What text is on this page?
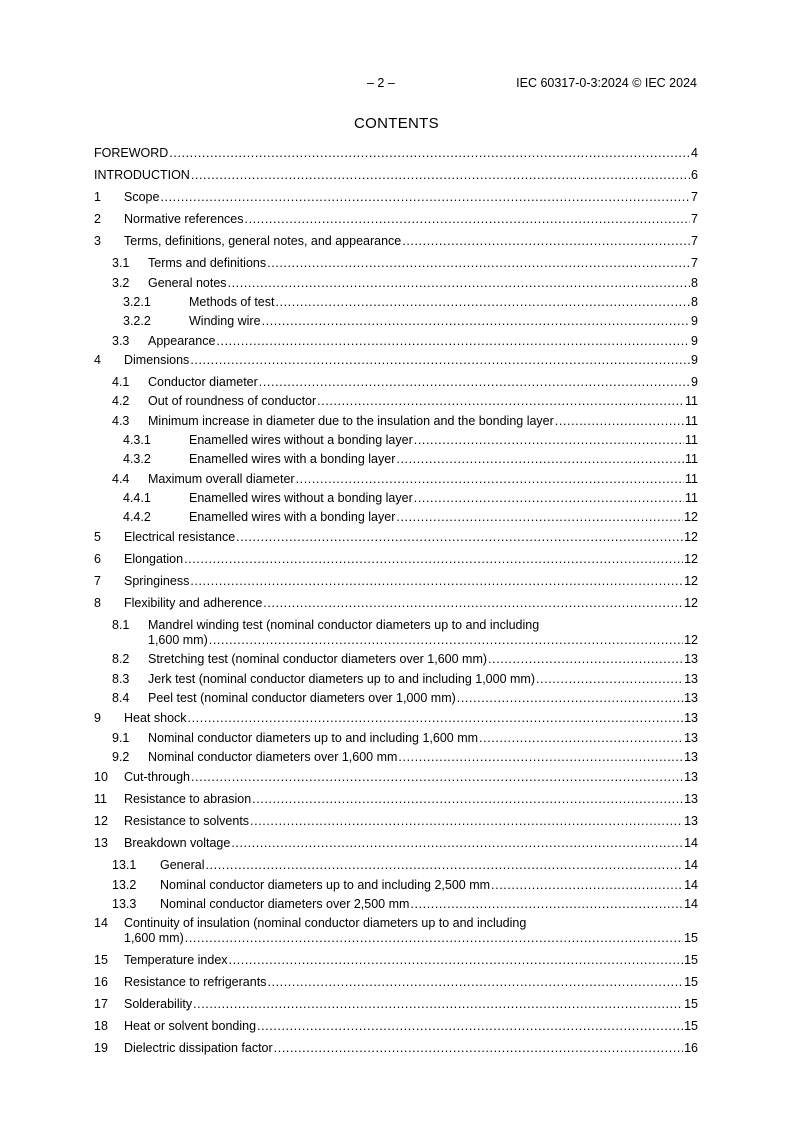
– 2 –	IEC 60317-0-3:2024 © IEC 2024
CONTENTS
FOREWORD .....	4
INTRODUCTION .....	6
1	Scope .....	7
2	Normative references .....	7
3	Terms, definitions, general notes, and appearance .....	7
3.1	Terms and definitions .....	7
3.2	General notes .....	8
3.2.1	Methods of test .....	8
3.2.2	Winding wire .....	9
3.3	Appearance .....	9
4	Dimensions .....	9
4.1	Conductor diameter .....	9
4.2	Out of roundness of conductor .....	11
4.3	Minimum increase in diameter due to the insulation and the bonding layer .....	11
4.3.1	Enamelled wires without a bonding layer .....	11
4.3.2	Enamelled wires with a bonding layer .....	11
4.4	Maximum overall diameter .....	11
4.4.1	Enamelled wires without a bonding layer .....	11
4.4.2	Enamelled wires with a bonding layer .....	12
5	Electrical resistance .....	12
6	Elongation .....	12
7	Springiness .....	12
8	Flexibility and adherence .....	12
8.1	Mandrel winding test (nominal conductor diameters up to and including
1,600 mm) .....	12
8.2	Stretching test (nominal conductor diameters over 1,600 mm) .....	13
8.3	Jerk test (nominal conductor diameters up to and including 1,000 mm) .....	13
8.4	Peel test (nominal conductor diameters over 1,000 mm) .....	13
9	Heat shock .....	13
9.1	Nominal conductor diameters up to and including 1,600 mm .....	13
9.2	Nominal conductor diameters over 1,600 mm .....	13
10	Cut-through .....	13
11	Resistance to abrasion .....	13
12	Resistance to solvents .....	13
13	Breakdown voltage .....	14
13.1	General .....	14
13.2	Nominal conductor diameters up to and including 2,500 mm .....	14
13.3	Nominal conductor diameters over 2,500 mm .....	14
14	Continuity of insulation (nominal conductor diameters up to and including
1,600 mm) .....	15
15	Temperature index .....	15
16	Resistance to refrigerants .....	15
17	Solderability .....	15
18	Heat or solvent bonding .....	15
19	Dielectric dissipation factor .....	16
